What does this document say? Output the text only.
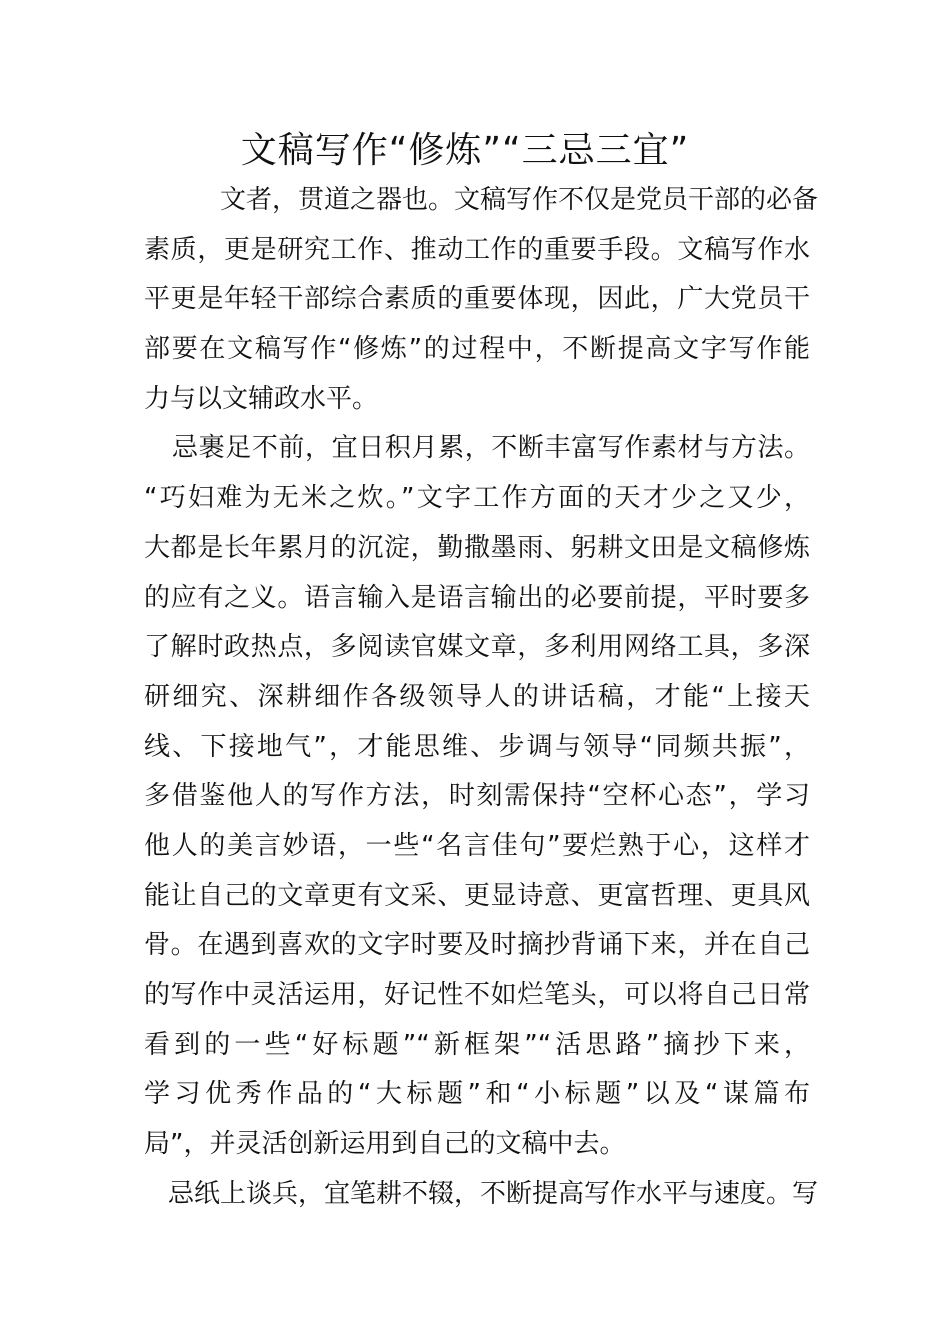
文稿写作“修炼”“三忌三宜”
文者，贯道之器也。文稿写作不仅是党员干部的必备
素质，更是研究工作、推动工作的重要手段。文稿写作水
平更是年轻干部综合素质的重要体现，因此，广大党员干
部要在文稿写作“修炼”的过程中，不断提高文字写作能
力与以文辅政水平。
忌裹足不前，宜日积月累，不断丰富写作素材与方法。
“巧妇难为无米之炊。”文字工作方面的天才少之又少，
大都是长年累月的沉淀，勤撒墨雨、躬耕文田是文稿修炼
的应有之义。语言输入是语言输出的必要前提，平时要多
了解时政热点，多阅读官媒文章，多利用网络工具，多深
研细究、深耕细作各级领导人的讲话稿，才能“上接天
线、下接地气”，才能思维、步调与领导“同频共振”，
多借鉴他人的写作方法，时刻需保持“空杯心态”，学习
他人的美言妙语，一些“名言佳句”要烂熟于心，这样才
能让自己的文章更有文采、更显诗意、更富哲理、更具风
骨。在遇到喜欢的文字时要及时摘抄背诵下来，并在自己
的写作中灵活运用，好记性不如烂笔头，可以将自己日常
看到的一些“好标题”“新框架”“活思路”摘抄下来，
学习优秀作品的“大标题”和“小标题”以及“谋篇布
局”，并灵活创新运用到自己的文稿中去。
忌纸上谈兵，宜笔耕不辍，不断提高写作水平与速度。写
